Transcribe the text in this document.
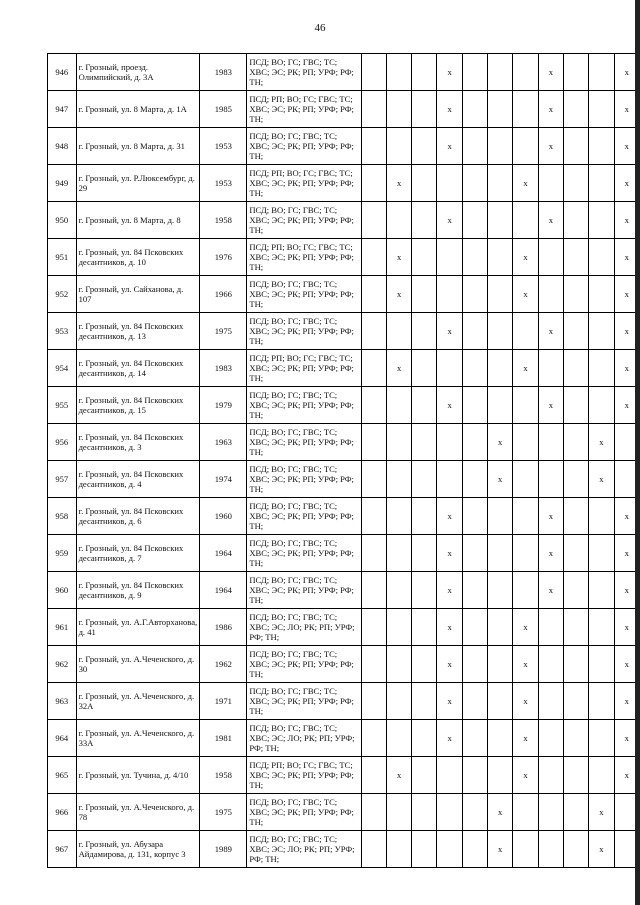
46
946	г. Грозный, проезд. Олимпийский, д. 3А	1983	ПСД; ВО; ГС; ГВС; ТС; ХВС; ЭС; РК; РП; УРФ; РФ; ТН;				x				x			x
947	г. Грозный, ул. 8 Марта, д. 1А	1985	ПСД; РП; ВО; ГС; ГВС; ТС; ХВС; ЭС; РК; РП; УРФ; РФ; ТН;				x				x			x
948	г. Грозный, ул. 8 Марта, д. 31	1953	ПСД; ВО; ГС; ГВС; ТС; ХВС; ЭС; РК; РП; УРФ; РФ; ТН;				x				x			x
949	г. Грозный, ул. Р.Люксембург, д. 29	1953	ПСД; РП; ВО; ГС; ГВС; ТС; ХВС; ЭС; РК; РП; УРФ; РФ; ТН;		x					x				x
950	г. Грозный, ул. 8 Марта, д. 8	1958	ПСД; ВО; ГС; ГВС; ТС; ХВС; ЭС; РК; РП; УРФ; РФ; ТН;				x				x			x
951	г. Грозный, ул. 84 Псковских десантников, д. 10	1976	ПСД; РП; ВО; ГС; ГВС; ТС; ХВС; ЭС; РК; РП; УРФ; РФ; ТН;		x					x				x
952	г. Грозный, ул. Сайханова, д. 107	1966	ПСД; ВО; ГС; ГВС; ТС; ХВС; ЭС; РК; РП; УРФ; РФ; ТН;		x					x				x
953	г. Грозный, ул. 84 Псковских десантников, д. 13	1975	ПСД; ВО; ГС; ГВС; ТС; ХВС; ЭС; РК; РП; УРФ; РФ; ТН;				x				x			x
954	г. Грозный, ул. 84 Псковских десантников, д. 14	1983	ПСД; РП; ВО; ГС; ГВС; ТС; ХВС; ЭС; РК; РП; УРФ; РФ; ТН;		x					x				x
955	г. Грозный, ул. 84 Псковских десантников, д. 15	1979	ПСД; ВО; ГС; ГВС; ТС; ХВС; ЭС; РК; РП; УРФ; РФ; ТН;				x				x			x
956	г. Грозный, ул. 84 Псковских десантников, д. 3	1963	ПСД; ВО; ГС; ГВС; ТС; ХВС; ЭС; РК; РП; УРФ; РФ; ТН;						x				x	
957	г. Грозный, ул. 84 Псковских десантников, д. 4	1974	ПСД; ВО; ГС; ГВС; ТС; ХВС; ЭС; РК; РП; УРФ; РФ; ТН;						x				x	
958	г. Грозный, ул. 84 Псковских десантников, д. 6	1960	ПСД; ВО; ГС; ГВС; ТС; ХВС; ЭС; РК; РП; УРФ; РФ; ТН;				x				x			x
959	г. Грозный, ул. 84 Псковских десантников, д. 7	1964	ПСД; ВО; ГС; ГВС; ТС; ХВС; ЭС; РК; РП; УРФ; РФ; ТН;				x				x			x
960	г. Грозный, ул. 84 Псковских десантников, д. 9	1964	ПСД; ВО; ГС; ГВС; ТС; ХВС; ЭС; РК; РП; УРФ; РФ; ТН;				x				x			x
961	г. Грозный, ул. А.Г.Авторханова, д. 41	1986	ПСД; ВО; ГС; ГВС; ТС; ХВС; ЭС; ЛО; РК; РП; УРФ; РФ; ТН;				x			x				x
962	г. Грозный, ул. А.Чеченского, д. 30	1962	ПСД; ВО; ГС; ГВС; ТС; ХВС; ЭС; РК; РП; УРФ; РФ; ТН;				x			x				x
963	г. Грозный, ул. А.Чеченского, д. 32А	1971	ПСД; ВО; ГС; ГВС; ТС; ХВС; ЭС; РК; РП; УРФ; РФ; ТН;				x			x				x
964	г. Грозный, ул. А.Чеченского, д. 33А	1981	ПСД; ВО; ГС; ГВС; ТС; ХВС; ЭС; ЛО; РК; РП; УРФ; РФ; ТН;				x			x				x
965	г. Грозный, ул. Тучина, д. 4/10	1958	ПСД; РП; ВО; ГС; ГВС; ТС; ХВС; ЭС; РК; РП; УРФ; РФ; ТН;		x					x				x
966	г. Грозный, ул. А.Чеченского, д. 78	1975	ПСД; ВО; ГС; ГВС; ТС; ХВС; ЭС; РК; РП; УРФ; РФ; ТН;						x				x	
967	г. Грозный, ул. Абузара Айдамирова, д. 131, корпус 3	1989	ПСД; ВО; ГС; ГВС; ТС; ХВС; ЭС; ЛО; РК; РП; УРФ; РФ; ТН;						x				x	
